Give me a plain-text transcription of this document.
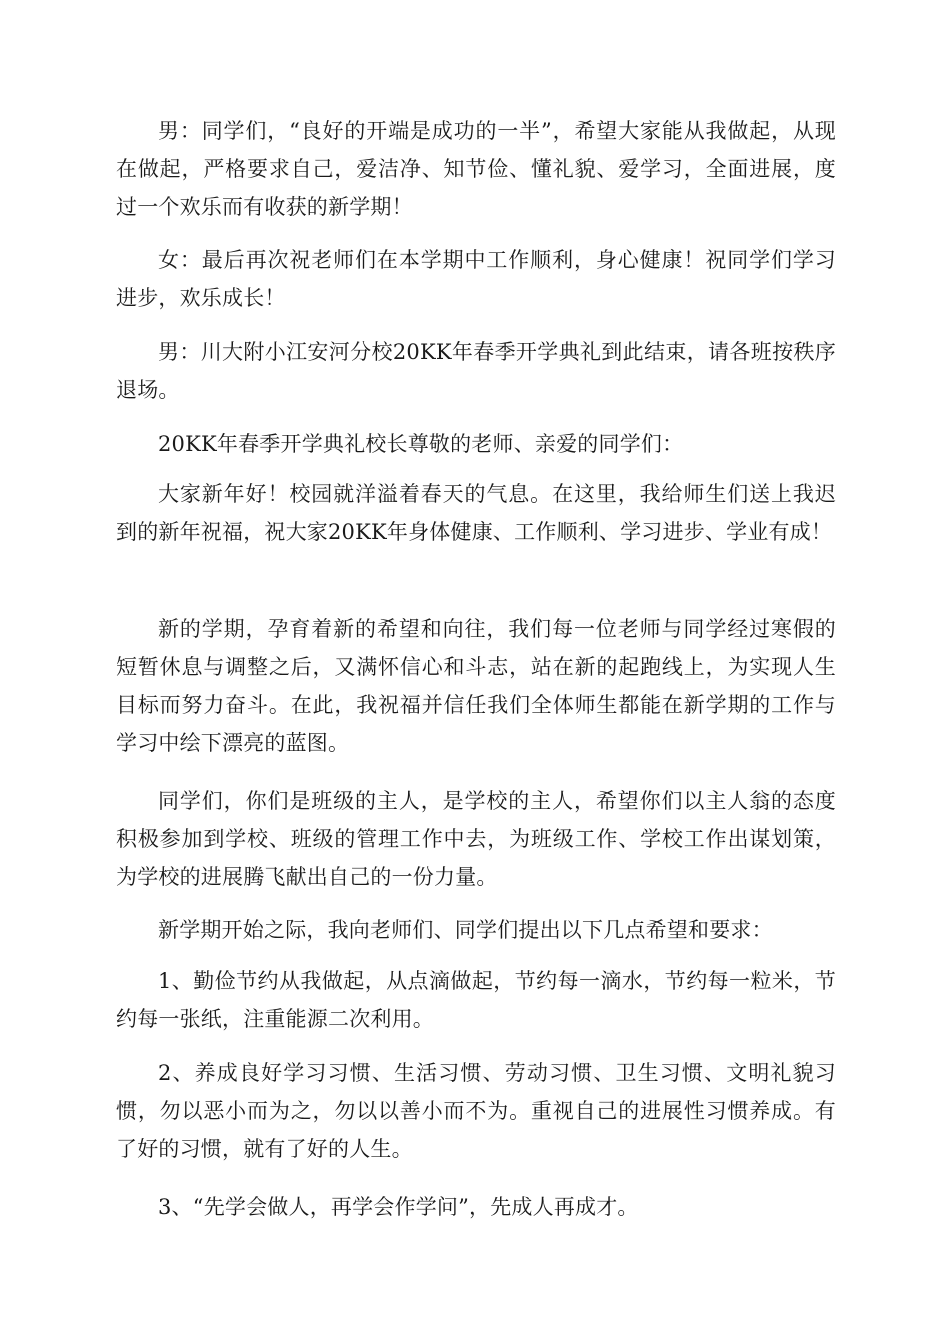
男：同学们，“良好的开端是成功的一半”，希望大家能从我做起，从现在做起，严格要求自己，爱洁净、知节俭、懂礼貌、爱学习，全面进展，度过一个欢乐而有收获的新学期！

女：最后再次祝老师们在本学期中工作顺利，身心健康！祝同学们学习进步，欢乐成长！

男：川大附小江安河分校20KK年春季开学典礼到此结束，请各班按秩序退场。

20KK年春季开学典礼校长尊敬的老师、亲爱的同学们：

大家新年好！校园就洋溢着春天的气息。在这里，我给师生们送上我迟到的新年祝福，祝大家20KK年身体健康、工作顺利、学习进步、学业有成！

新的学期，孕育着新的希望和向往，我们每一位老师与同学经过寒假的短暂休息与调整之后，又满怀信心和斗志，站在新的起跑线上，为实现人生目标而努力奋斗。在此，我祝福并信任我们全体师生都能在新学期的工作与学习中绘下漂亮的蓝图。

同学们，你们是班级的主人，是学校的主人，希望你们以主人翁的态度积极参加到学校、班级的管理工作中去，为班级工作、学校工作出谋划策，为学校的进展腾飞献出自己的一份力量。

新学期开始之际，我向老师们、同学们提出以下几点希望和要求：

1、勤俭节约从我做起，从点滴做起，节约每一滴水，节约每一粒米，节约每一张纸，注重能源二次利用。

2、养成良好学习习惯、生活习惯、劳动习惯、卫生习惯、文明礼貌习惯，勿以恶小而为之，勿以以善小而不为。重视自己的进展性习惯养成。有了好的习惯，就有了好的人生。

3、“先学会做人，再学会作学问”，先成人再成才。
